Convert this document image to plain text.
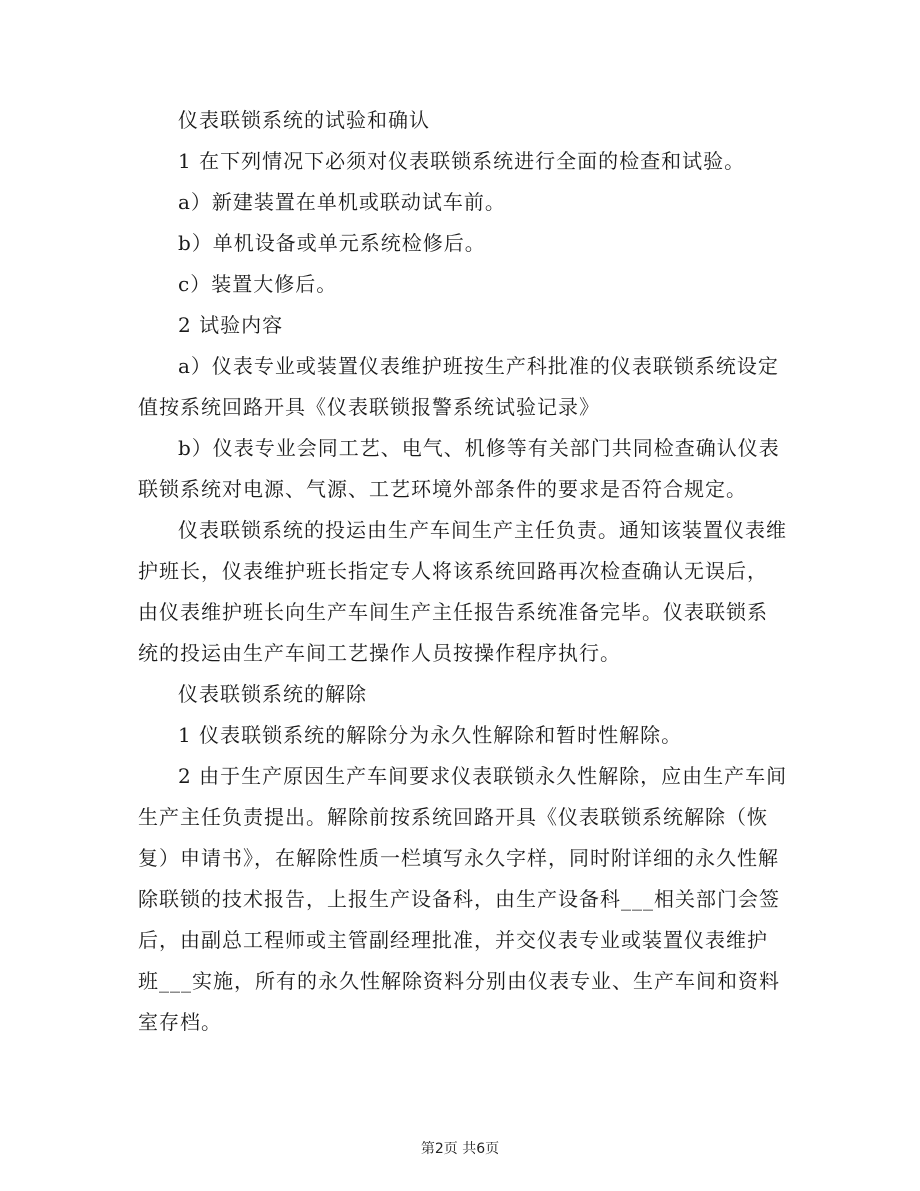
仪表联锁系统的试验和确认

1 在下列情况下必须对仪表联锁系统进行全面的检查和试验。

a）新建装置在单机或联动试车前。

b）单机设备或单元系统检修后。

c）装置大修后。

2 试验内容

a）仪表专业或装置仪表维护班按生产科批准的仪表联锁系统设定值按系统回路开具《仪表联锁报警系统试验记录》

b）仪表专业会同工艺、电气、机修等有关部门共同检查确认仪表联锁系统对电源、气源、工艺环境外部条件的要求是否符合规定。

仪表联锁系统的投运由生产车间生产主任负责。通知该装置仪表维护班长，仪表维护班长指定专人将该系统回路再次检查确认无误后，由仪表维护班长向生产车间生产主任报告系统准备完毕。仪表联锁系统的投运由生产车间工艺操作人员按操作程序执行。

仪表联锁系统的解除

1 仪表联锁系统的解除分为永久性解除和暂时性解除。

2 由于生产原因生产车间要求仪表联锁永久性解除，应由生产车间生产主任负责提出。解除前按系统回路开具《仪表联锁系统解除（恢复）申请书》，在解除性质一栏填写永久字样，同时附详细的永久性解除联锁的技术报告，上报生产设备科，由生产设备科___相关部门会签后，由副总工程师或主管副经理批准，并交仪表专业或装置仪表维护班___实施，所有的永久性解除资料分别由仪表专业、生产车间和资料室存档。

第2页 共6页
